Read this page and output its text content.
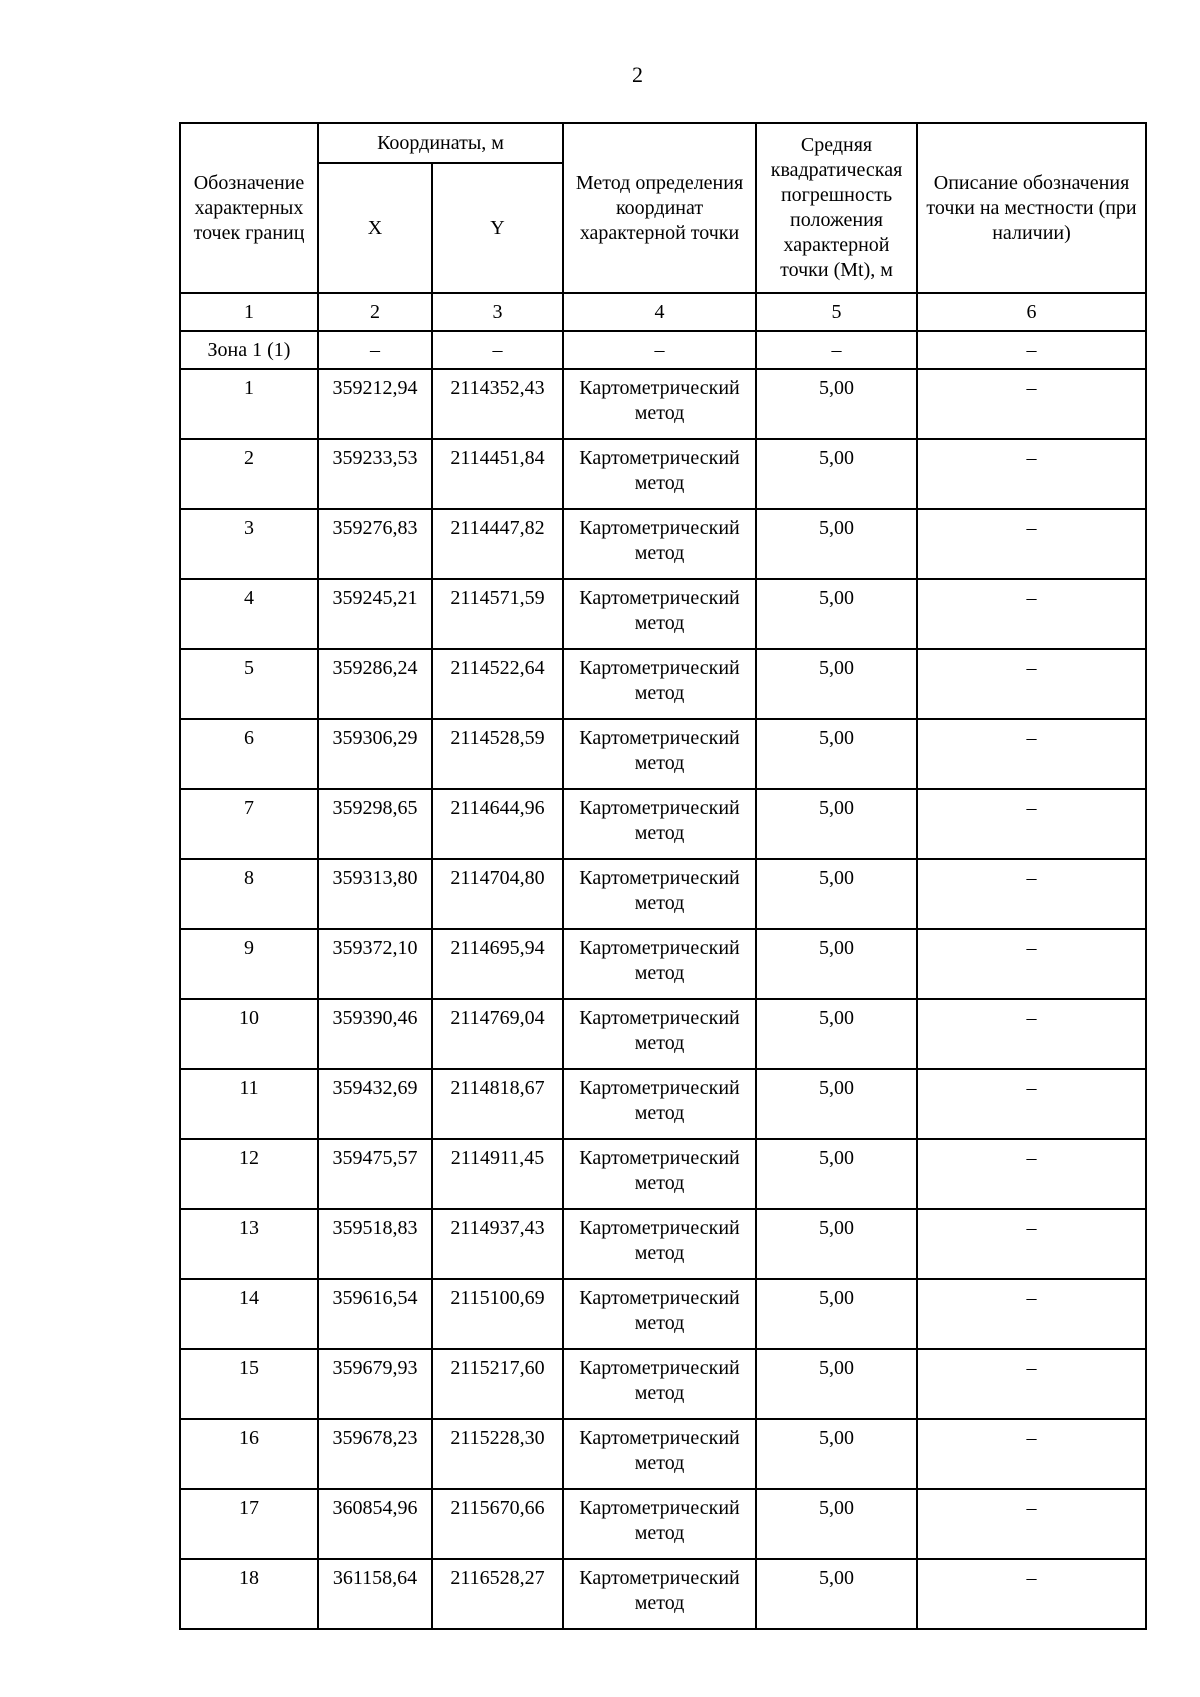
2
Обозначение характерных точек границ	Координаты, м		Метод определения координат характерной точки	Средняя квадратическая погрешность положения характерной точки (Mt), м	Описание обозначения точки на местности (при наличии)
	X	Y			
1	2	3	4	5	6
Зона 1 (1)	–	–	–	–	–
1	359212,94	2114352,43	Картометрический метод	5,00	–
2	359233,53	2114451,84	Картометрический метод	5,00	–
3	359276,83	2114447,82	Картометрический метод	5,00	–
4	359245,21	2114571,59	Картометрический метод	5,00	–
5	359286,24	2114522,64	Картометрический метод	5,00	–
6	359306,29	2114528,59	Картометрический метод	5,00	–
7	359298,65	2114644,96	Картометрический метод	5,00	–
8	359313,80	2114704,80	Картометрический метод	5,00	–
9	359372,10	2114695,94	Картометрический метод	5,00	–
10	359390,46	2114769,04	Картометрический метод	5,00	–
11	359432,69	2114818,67	Картометрический метод	5,00	–
12	359475,57	2114911,45	Картометрический метод	5,00	–
13	359518,83	2114937,43	Картометрический метод	5,00	–
14	359616,54	2115100,69	Картометрический метод	5,00	–
15	359679,93	2115217,60	Картометрический метод	5,00	–
16	359678,23	2115228,30	Картометрический метод	5,00	–
17	360854,96	2115670,66	Картометрический метод	5,00	–
18	361158,64	2116528,27	Картометрический метод	5,00	–
